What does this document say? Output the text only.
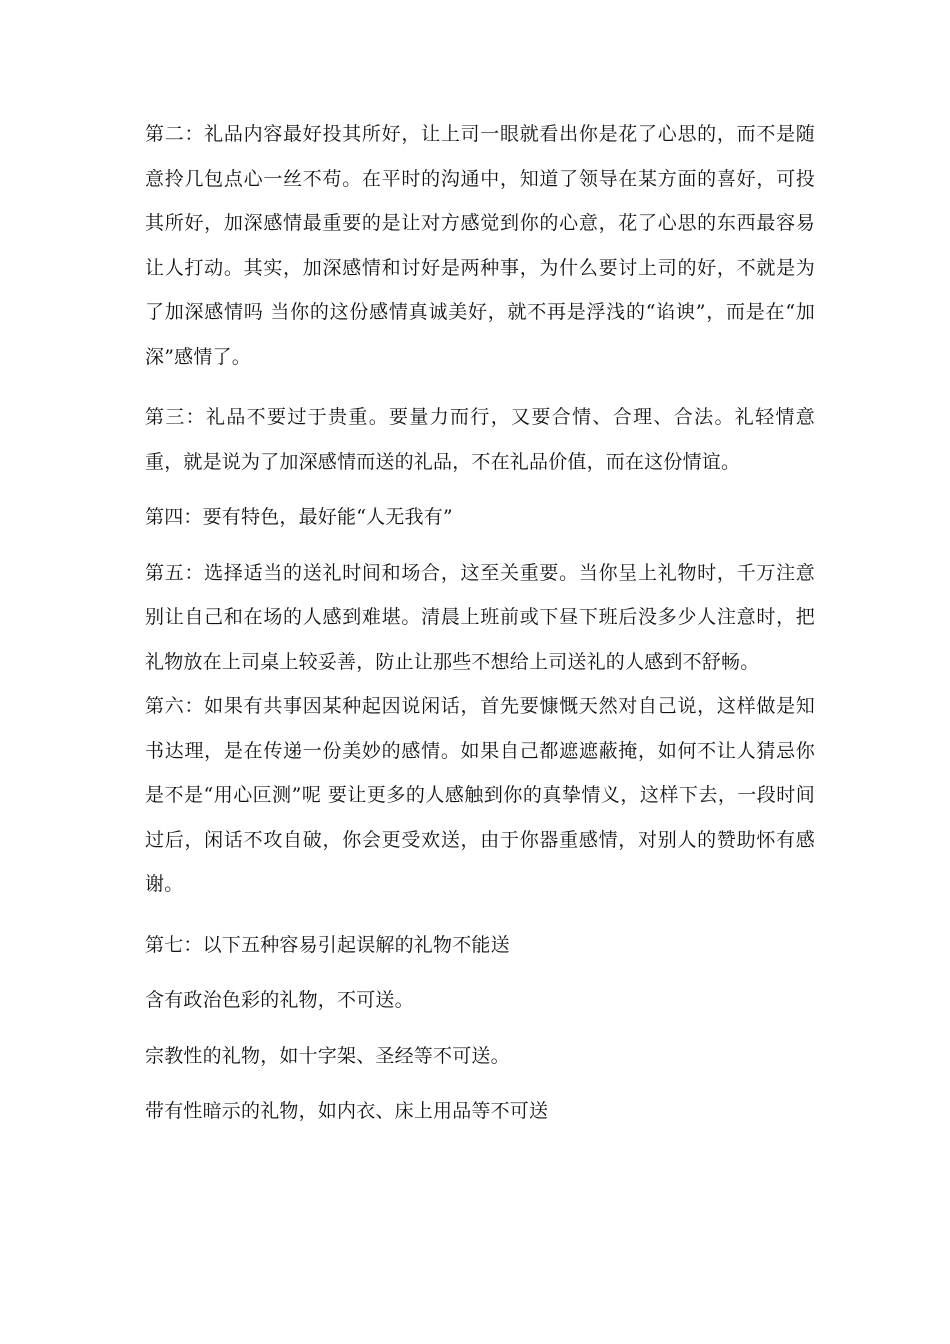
第二：礼品内容最好投其所好，让上司一眼就看出你是花了心思的，而不是随意拎几包点心一丝不苟。在平时的沟通中，知道了领导在某方面的喜好，可投其所好，加深感情最重要的是让对方感觉到你的心意，花了心思的东西最容易让人打动。其实，加深感情和讨好是两种事，为什么要讨上司的好，不就是为了加深感情吗 当你的这份感情真诚美好，就不再是浮浅的“谄谀”，而是在“加深”感情了。

第三：礼品不要过于贵重。要量力而行，又要合情、合理、合法。礼轻情意重，就是说为了加深感情而送的礼品，不在礼品价值，而在这份情谊。

第四：要有特色，最好能“人无我有”

第五：选择适当的送礼时间和场合，这至关重要。当你呈上礼物时，千万注意别让自己和在场的人感到难堪。清晨上班前或下昼下班后没多少人注意时，把礼物放在上司桌上较妥善，防止让那些不想给上司送礼的人感到不舒畅。

第六：如果有共事因某种起因说闲话，首先要慷慨天然对自己说，这样做是知书达理，是在传递一份美妙的感情。如果自己都遮遮蔽掩，如何不让人猜忌你是不是“用心叵测”呢 要让更多的人感触到你的真挚情义，这样下去，一段时间过后，闲话不攻自破，你会更受欢送，由于你器重感情，对别人的赞助怀有感谢。

第七：以下五种容易引起误解的礼物不能送

含有政治色彩的礼物，不可送。

宗教性的礼物，如十字架、圣经等不可送。

带有性暗示的礼物，如内衣、床上用品等不可送
